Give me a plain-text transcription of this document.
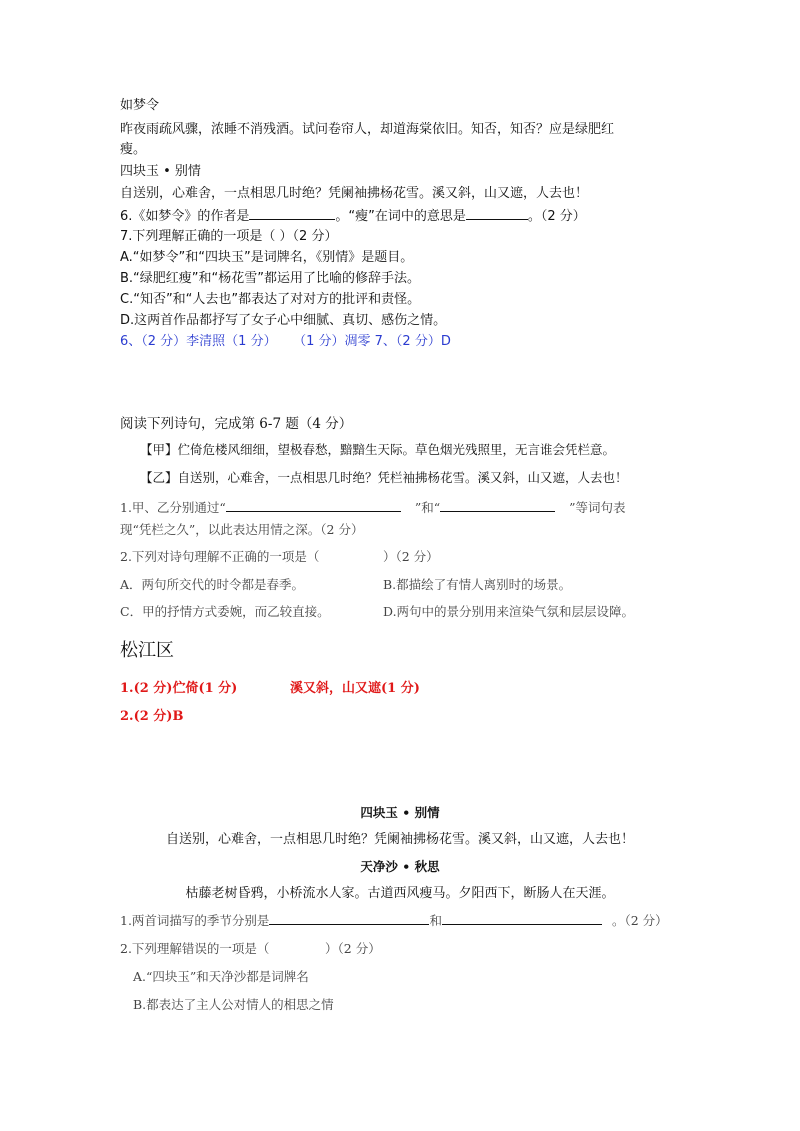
如梦令
昨夜雨疏风骤，浓睡不消残酒。试问卷帘人，却道海棠依旧。知否，知否？应是绿肥红
瘦。
四块玉 • 别情
自送别，心难舍，一点相思几时绝？凭阑袖拂杨花雪。溪又斜，山又遮，人去也！
6.《如梦令》的作者是	。“瘦”在词中的意思是	。（2 分）
7.下列理解正确的一项是（ ）（2 分）
A.“如梦令”和“四块玉”是词牌名，《别情》是题目。
B.“绿肥红瘦”和“杨花雪”都运用了比喻的修辞手法。
C.“知否”和“人去也”都表达了对对方的批评和责怪。
D.这两首作品都抒写了女子心中细腻、真切、感伤之情。
6、（2 分）李清照（1 分）    （1 分）凋零 7、（2 分）D
阅读下列诗句，完成第 6-7 题（4 分）
【甲】伫倚危楼风细细，望极春愁，黯黯生天际。草色烟光残照里，无言谁会凭栏意。
【乙】自送别，心难舍，一点相思几时绝？凭栏袖拂杨花雪。溪又斜，山又遮，人去也！
1.甲、乙分别通过“	”和“	”等词句表
现“凭栏之久”，以此表达用情之深。（2 分）
2.下列对诗句理解不正确的一项是（                ）（2 分）
A．两句所交代的时令都是春季。	B.都描绘了有情人离别时的场景。
C．甲的抒情方式委婉，而乙较直接。	D.两句中的景分别用来渲染气氛和层层设障。
松江区
1.(2 分)伫倚(1 分)	溪又斜，山又遮(1 分)
2.(2 分)B
四块玉 • 别情
自送别，心难舍，一点相思几时绝？凭阑袖拂杨花雪。溪又斜，山又遮，人去也！
天净沙 • 秋思
枯藤老树昏鸦，小桥流水人家。古道西风瘦马。夕阳西下，断肠人在天涯。
1.两首词描写的季节分别是	和	。（2 分）
2.下列理解错误的一项是（              ）（2 分）
A.“四块玉”和天净沙都是词牌名
B.都表达了主人公对情人的相思之情
